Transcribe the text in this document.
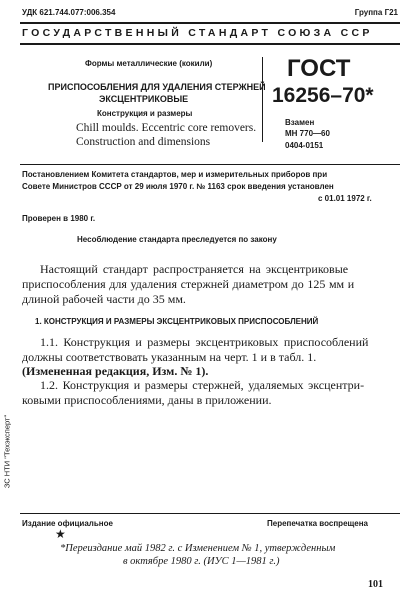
УДК 621.744.077:006.354	Группа Г21
ГОСУДАРСТВЕННЫЙ СТАНДАРТ СОЮЗА ССР
Формы металлические (кокили)
ПРИСПОСОБЛЕНИЯ ДЛЯ УДАЛЕНИЯ СТЕРЖНЕЙ
ЭКСЦЕНТРИКОВЫЕ
Конструкция и размеры
Chill moulds. Eccentric core removers.
Construction and dimensions
ГОСТ
16256–70*
Взамен
МН 770—60
0404-0151
Постановлением Комитета стандартов, мер и измерительных приборов при
Совете Министров СССР от 29 июля 1970 г. № 1163 срок введения установлен
с 01.01 1972 г.
Проверен в 1980 г.
Несоблюдение стандарта преследуется по закону
Настоящий стандарт распространяется на эксцентриковые
приспособления для удаления стержней диаметром до 125 мм и
длиной рабочей части до 35 мм.
1. КОНСТРУКЦИЯ И РАЗМЕРЫ ЭКСЦЕНТРИКОВЫХ ПРИСПОСОБЛЕНИЙ
1.1. Конструкция и размеры эксцентриковых приспособлений
должны соответствовать указанным на черт. 1 и в табл. 1.
(Измененная редакция, Изм. № 1).
1.2. Конструкция и размеры стержней, удаляемых эксцентри-
ковыми приспособлениями, даны в приложении.
ЗС НТИ "Техэксперт"
Издание официальное	Перепечатка воспрещена
★
*Переиздание май 1982 г. с Изменением № 1, утвержденным
в октябре 1980 г. (ИУС 1—1981 г.)
101
